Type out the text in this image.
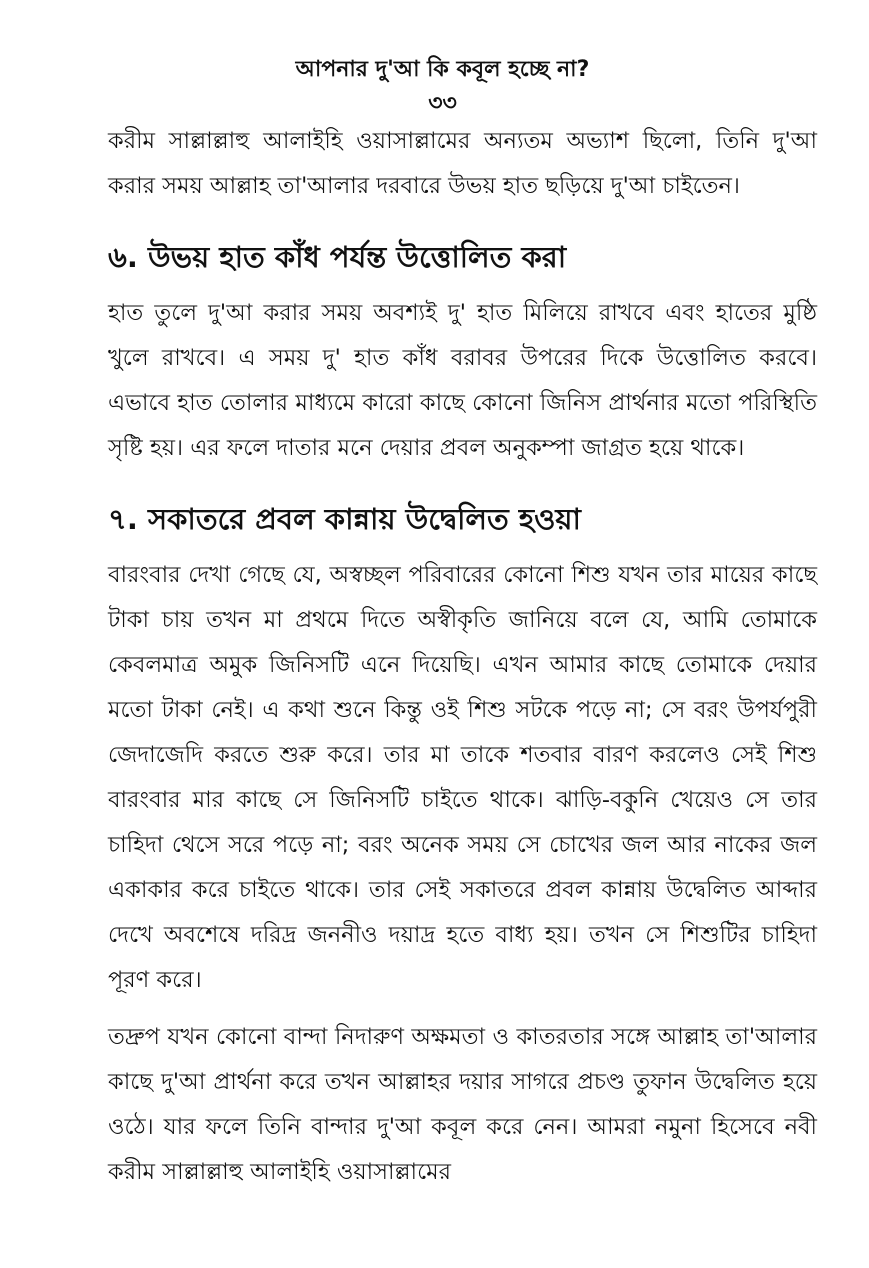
আপনার দু'আ কি কবূল হচ্ছে না?
৩৩

করীম সাল্লাল্লাহু আলাইহি ওয়াসাল্লামের অন্যতম অভ্যাশ ছিলো, তিনি দু'আ করার সময় আল্লাহ তা'আলার দরবারে উভয় হাত ছড়িয়ে দু'আ চাইতেন।

৬. উভয় হাত কাঁধ পর্যন্ত উত্তোলিত করা

হাত তুলে দু'আ করার সময় অবশ্যই দু' হাত মিলিয়ে রাখবে এবং হাতের মুষ্ঠি খুলে রাখবে। এ সময় দু' হাত কাঁধ বরাবর উপরের দিকে উত্তোলিত করবে। এভাবে হাত তোলার মাধ্যমে কারো কাছে কোনো জিনিস প্রার্থনার মতো পরিস্থিতি সৃষ্টি হয়। এর ফলে দাতার মনে দেয়ার প্রবল অনুকম্পা জাগ্রত হয়ে থাকে।

৭. সকাতরে প্রবল কান্নায় উদ্বেলিত হওয়া

বারংবার দেখা গেছে যে, অস্বচ্ছল পরিবারের কোনো শিশু যখন তার মায়ের কাছে টাকা চায় তখন মা প্রথমে দিতে অস্বীকৃতি জানিয়ে বলে যে, আমি তোমাকে কেবলমাত্র অমুক জিনিসটি এনে দিয়েছি। এখন আমার কাছে তোমাকে দেয়ার মতো টাকা নেই। এ কথা শুনে কিন্তু ওই শিশু সটকে পড়ে না; সে বরং উপর্যপুরী জেদাজেদি করতে শুরু করে। তার মা তাকে শতবার বারণ করলেও সেই শিশু বারংবার মার কাছে সে জিনিসটি চাইতে থাকে। ঝাড়ি-বকুনি খেয়েও সে তার চাহিদা থেসে সরে পড়ে না; বরং অনেক সময় সে চোখের জল আর নাকের জল একাকার করে চাইতে থাকে। তার সেই সকাতরে প্রবল কান্নায় উদ্বেলিত আব্দার দেখে অবশেষে দরিদ্র জননীও দয়াদ্র হতে বাধ্য হয়। তখন সে শিশুটির চাহিদা পূরণ করে।

তদ্রুপ যখন কোনো বান্দা নিদারুণ অক্ষমতা ও কাতরতার সঙ্গে আল্লাহ তা'আলার কাছে দু'আ প্রার্থনা করে তখন আল্লাহর দয়ার সাগরে প্রচণ্ড তুফান উদ্বেলিত হয়ে ওঠে। যার ফলে তিনি বান্দার দু'আ কবূল করে নেন। আমরা নমুনা হিসেবে নবী করীম সাল্লাল্লাহু আলাইহি ওয়াসাল্লামের
